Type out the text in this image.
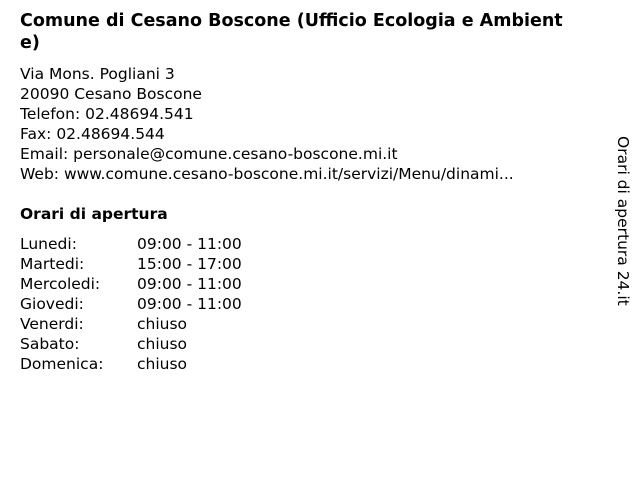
Comune di Cesano Boscone (Ufficio Ecologia e Ambiente)
Via Mons. Pogliani 3
20090 Cesano Boscone
Telefon: 02.48694.541
Fax: 02.48694.544
Email: personale@comune.cesano-boscone.mi.it
Web: www.comune.cesano-boscone.mi.it/servizi/Menu/dinami...
Orari di apertura
Lunedi:	09:00 - 11:00
Martedi:	15:00 - 17:00
Mercoledi: 09:00 - 11:00
Giovedi:	09:00 - 11:00
Venerdi:	chiuso
Sabato:	chiuso
Domenica: chiuso
Orari di apertura 24.it
